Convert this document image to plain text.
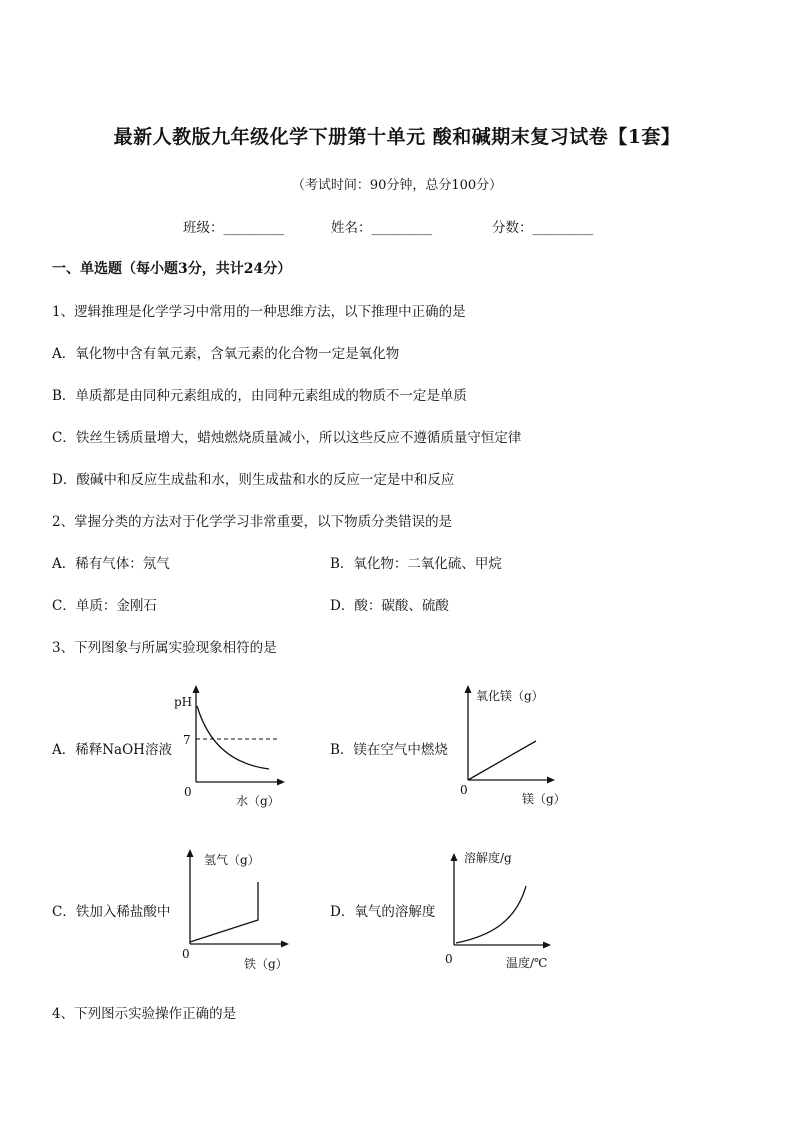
最新人教版九年级化学下册第十单元 酸和碱期末复习试卷【1套】
（考试时间：90分钟，总分100分）
班级：_________	姓名：_________	分数：_________
一、单选题（每小题3分，共计24分）
1、逻辑推理是化学学习中常用的一种思维方法，以下推理中正确的是
A．氧化物中含有氧元素，含氧元素的化合物一定是氧化物
B．单质都是由同种元素组成的，由同种元素组成的物质不一定是单质
C．铁丝生锈质量增大，蜡烛燃烧质量减小，所以这些反应不遵循质量守恒定律
D．酸碱中和反应生成盐和水，则生成盐和水的反应一定是中和反应
2、掌握分类的方法对于化学学习非常重要，以下物质分类错误的是
A．稀有气体：氖气	B．氧化物：二氧化硫、甲烷
C．单质：金刚石	D．酸：碳酸、硫酸
3、下列图象与所属实验现象相符的是
A．稀释NaOH溶液
pH
7
0
水（g）
B．镁在空气中燃烧
氧化镁（g）
0
镁（g）
C．铁加入稀盐酸中
氢气（g）
0
铁（g）
D．氧气的溶解度
溶解度/g
0	温度/℃
4、下列图示实验操作正确的是
